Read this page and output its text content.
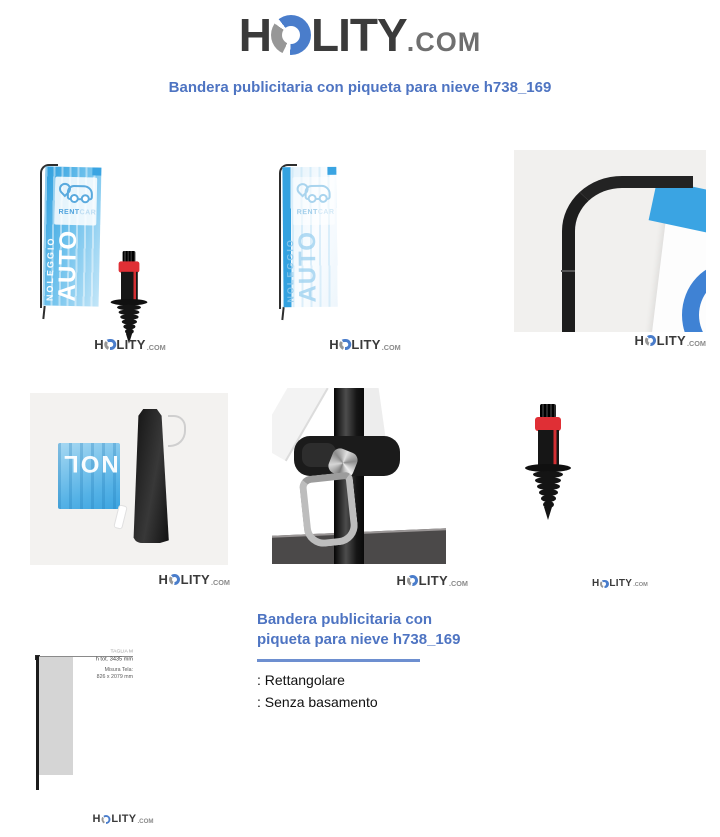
H LITY .COM
Bandera publicitaria con piqueta para nieve h738_169
RENTCAR
NOLEGGIO
AUTO
H LITY .COM
RENTCAR
NOLEGGIO
AUTO
H LITY .COM	H LITY .COM
NOL
H LITY .COM	H LITY .COM	H LITY .COM
TAGLIA M
h tot. 3435 mm
Misura Tela:
826 x 2079 mm
H LITY .COM
Bandera publicitaria con piqueta para nieve h738_169
: Rettangolare
: Senza basamento
